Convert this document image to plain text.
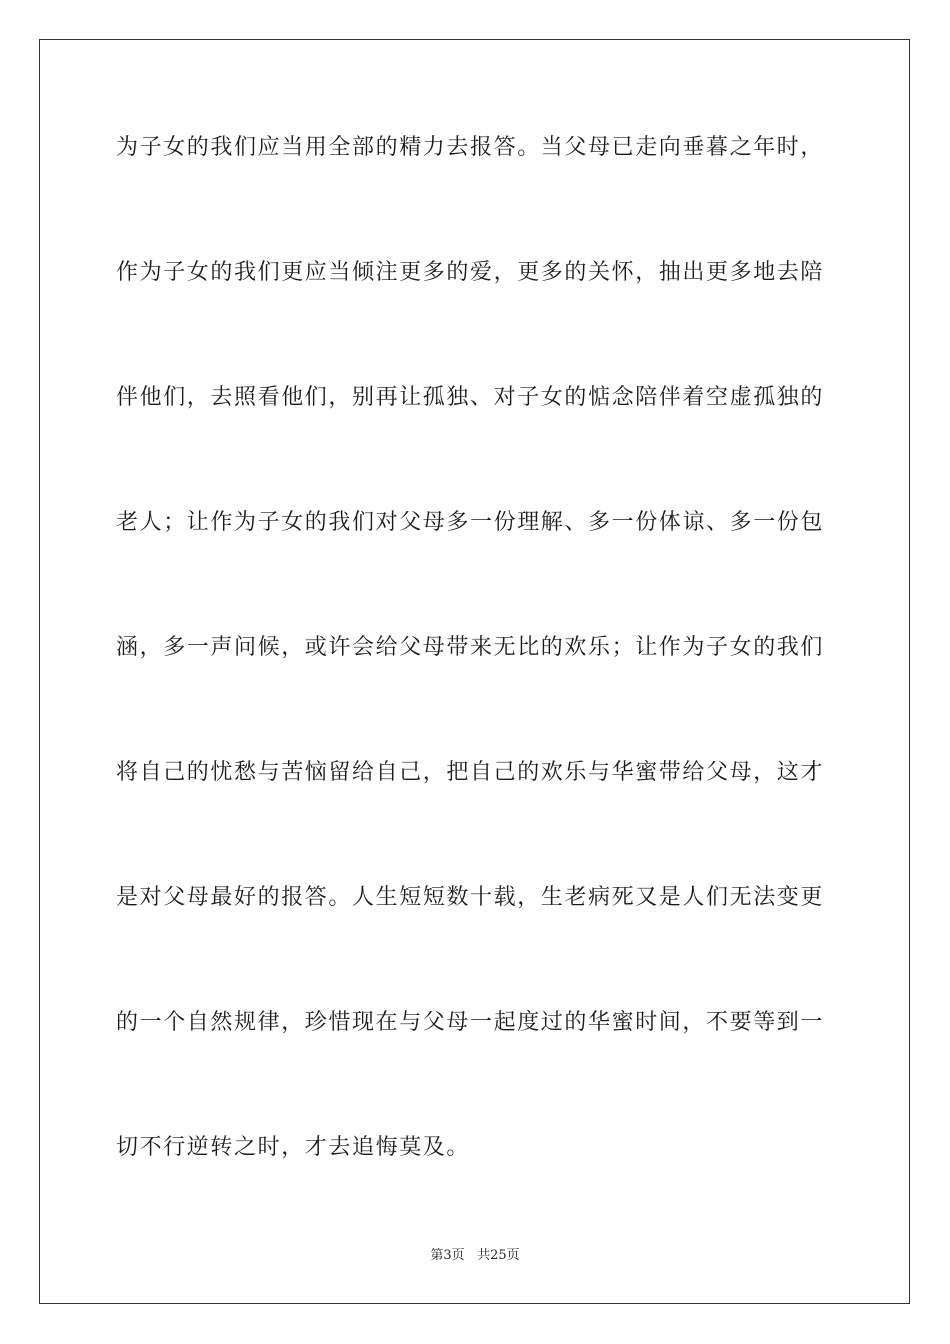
为子女的我们应当用全部的精力去报答。当父母已走向垂暮之年时，
作为子女的我们更应当倾注更多的爱，更多的关怀，抽出更多地去陪
伴他们，去照看他们，别再让孤独、对子女的惦念陪伴着空虚孤独的
老人；让作为子女的我们对父母多一份理解、多一份体谅、多一份包
涵，多一声问候，或许会给父母带来无比的欢乐；让作为子女的我们
将自己的忧愁与苦恼留给自己，把自己的欢乐与华蜜带给父母，这才
是对父母最好的报答。人生短短数十载，生老病死又是人们无法变更
的一个自然规律，珍惜现在与父母一起度过的华蜜时间，不要等到一
切不行逆转之时，才去追悔莫及。
第3页 共25页
